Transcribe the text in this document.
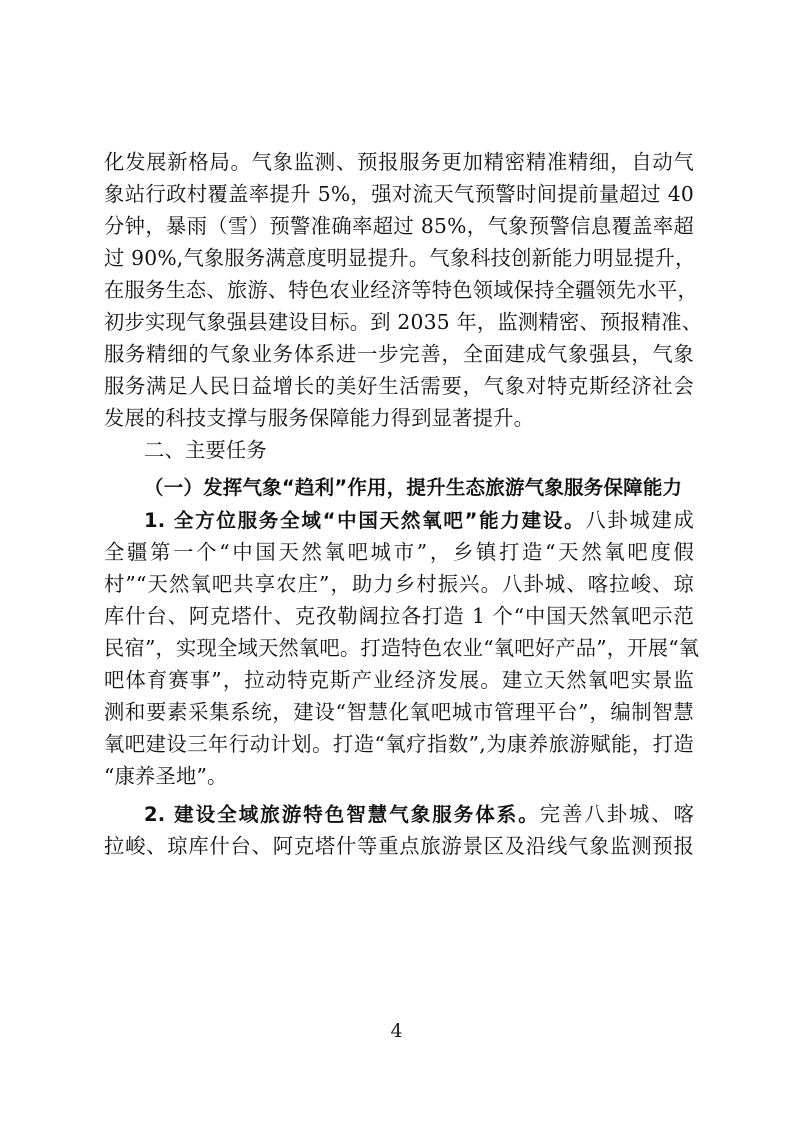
化发展新格局。气象监测、预报服务更加精密精准精细，自动气
象站行政村覆盖率提升 5%，强对流天气预警时间提前量超过 40
分钟，暴雨（雪）预警准确率超过 85%，气象预警信息覆盖率超
过 90%,气象服务满意度明显提升。气象科技创新能力明显提升，
在服务生态、旅游、特色农业经济等特色领域保持全疆领先水平，
初步实现气象强县建设目标。到 2035 年，监测精密、预报精准、
服务精细的气象业务体系进一步完善，全面建成气象强县，气象
服务满足人民日益增长的美好生活需要，气象对特克斯经济社会
发展的科技支撑与服务保障能力得到显著提升。
二、主要任务
（一）发挥气象“趋利”作用，提升生态旅游气象服务保障能力
1. 全方位服务全域“中国天然氧吧”能力建设。八卦城建成
全疆第一个“中国天然氧吧城市”，乡镇打造“天然氧吧度假
村”“天然氧吧共享农庄”，助力乡村振兴。八卦城、喀拉峻、琼
库什台、阿克塔什、克孜勒阔拉各打造 1 个“中国天然氧吧示范
民宿”，实现全域天然氧吧。打造特色农业“氧吧好产品”，开展“氧
吧体育赛事”，拉动特克斯产业经济发展。建立天然氧吧实景监
测和要素采集系统，建设“智慧化氧吧城市管理平台”，编制智慧
氧吧建设三年行动计划。打造“氧疗指数”,为康养旅游赋能，打造
“康养圣地”。
2. 建设全域旅游特色智慧气象服务体系。完善八卦城、喀
拉峻、琼库什台、阿克塔什等重点旅游景区及沿线气象监测预报
4
